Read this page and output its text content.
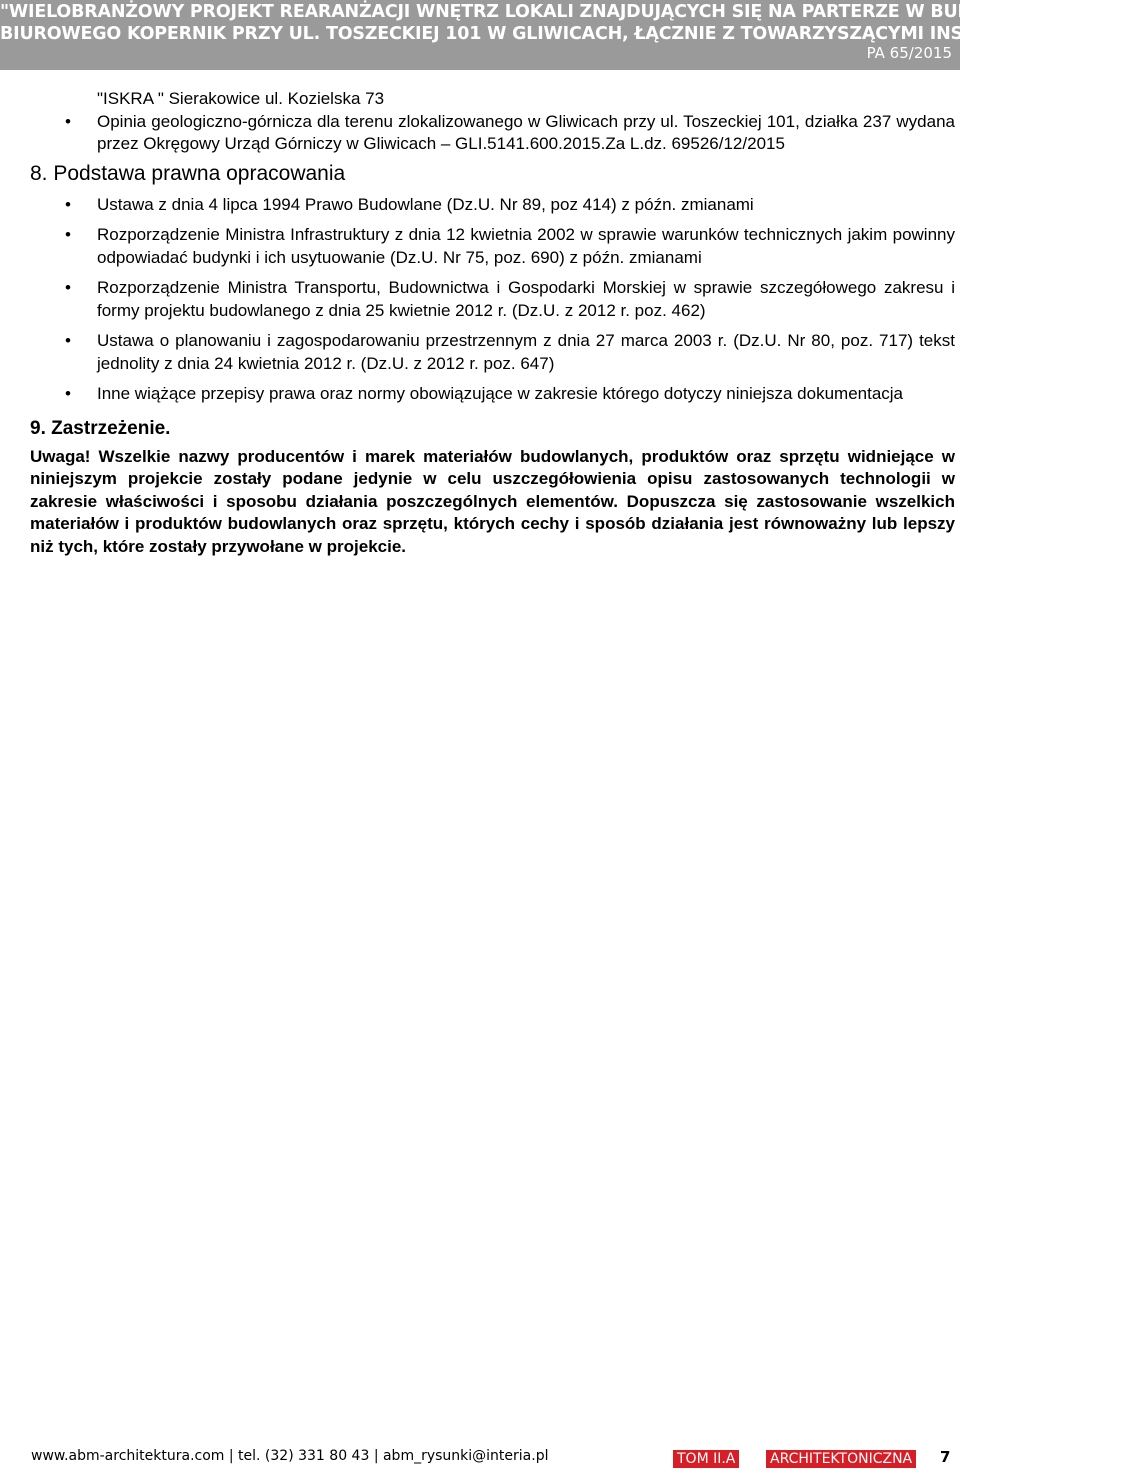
"WIELOBRANŻOWY PROJEKT REARANŻACJI WNĘTRZ LOKALI ZNAJDUJĄCYCH SIĘ NA PARTERZE W BUDYNKU CENTRUM
BIUROWEGO KOPERNIK PRZY UL. TOSZECKIEJ 101 W GLIWICACH, ŁĄCZNIE Z TOWARZYSZĄCYMI INSTALACJAMI"
PA 65/2015
"ISKRA " Sierakowice ul. Kozielska 73
• Opinia geologiczno-górnicza dla terenu zlokalizowanego w Gliwicach przy ul. Toszeckiej 101, działka 237 wydana przez Okręgowy Urząd Górniczy w Gliwicach – GLI.5141.600.2015.Za L.dz. 69526/12/2015
8. Podstawa prawna opracowania
• Ustawa z dnia 4 lipca 1994 Prawo Budowlane (Dz.U. Nr 89, poz 414) z późn. zmianami
• Rozporządzenie Ministra Infrastruktury z dnia 12 kwietnia 2002 w sprawie warunków technicznych jakim powinny odpowiadać budynki i ich usytuowanie (Dz.U. Nr 75, poz. 690) z późn. zmianami
• Rozporządzenie Ministra Transportu, Budownictwa i Gospodarki Morskiej w sprawie szczegółowego zakresu i formy projektu budowlanego z dnia 25 kwietnie 2012 r. (Dz.U. z 2012 r. poz. 462)
• Ustawa o planowaniu i zagospodarowaniu przestrzennym z dnia 27 marca 2003 r. (Dz.U. Nr 80, poz. 717) tekst jednolity z dnia 24 kwietnia 2012 r. (Dz.U. z 2012 r. poz. 647)
• Inne wiążące przepisy prawa oraz normy obowiązujące w zakresie którego dotyczy niniejsza dokumentacja
9. Zastrzeżenie.

Uwaga! Wszelkie nazwy producentów i marek materiałów budowlanych, produktów oraz sprzętu widniejące w niniejszym projekcie zostały podane jedynie w celu uszczegółowienia opisu zastosowanych technologii w zakresie właściwości i sposobu działania poszczególnych elementów. Dopuszcza się zastosowanie wszelkich materiałów i produktów budowlanych oraz sprzętu, których cechy i sposób działania jest równoważny lub lepszy niż tych, które zostały przywołane w projekcie.

www.abm-architektura.com | tel. (32) 331 80 43 | abm_rysunki@interia.pl	TOM II.A ARCHITEKTONICZNA 7
